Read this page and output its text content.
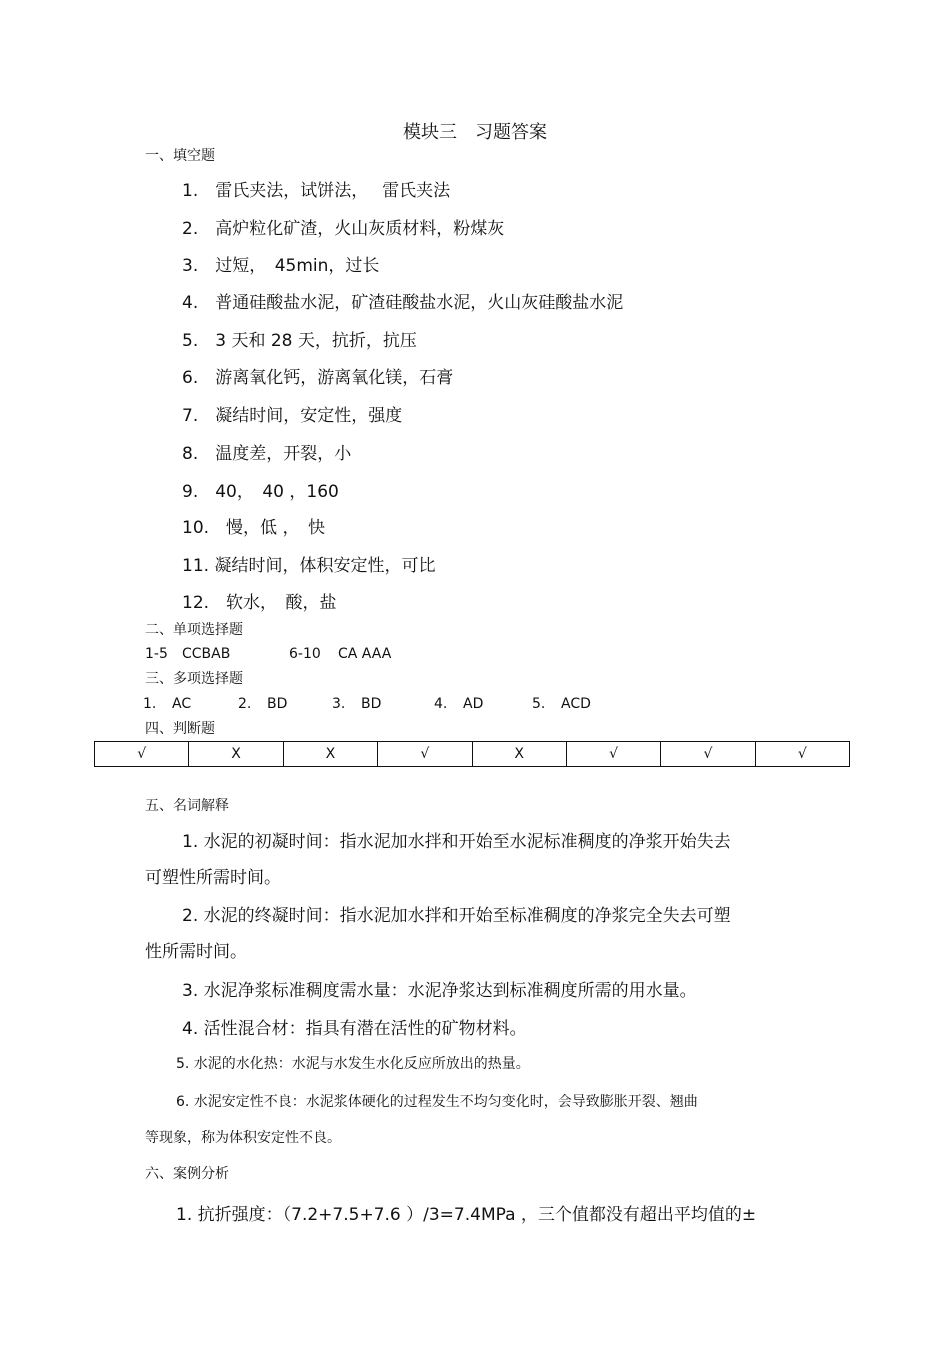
模块三　习题答案
一、填空题
1.　雷氏夹法，试饼法，　 雷氏夹法
2.　高炉粒化矿渣，火山灰质材料，粉煤灰
3.　过短，　45min，过长
4.　普通硅酸盐水泥，矿渣硅酸盐水泥，火山灰硅酸盐水泥
5.　3 天和 28 天，抗折，抗压
6.　游离氧化钙，游离氧化镁，石膏
7.　凝结时间，安定性，强度
8.　温度差，开裂，小
9.　40，　40 ，160
10.　慢，低 ，　快
11. 凝结时间，体积安定性，可比
12.　软水，　酸，盐
二、单项选择题
1-5 CCBAB	6-10 CA AAA
三、多项选择题
1. AC	2. BD	3. BD	4. AD	5. ACD
四、判断题
√	X	X	√	X	√	√	√
五、名词解释
1. 水泥的初凝时间：指水泥加水拌和开始至水泥标准稠度的净浆开始失去
可塑性所需时间。
2. 水泥的终凝时间：指水泥加水拌和开始至标准稠度的净浆完全失去可塑
性所需时间。
3. 水泥净浆标准稠度需水量：水泥净浆达到标准稠度所需的用水量。
4. 活性混合材：指具有潜在活性的矿物材料。
5. 水泥的水化热：水泥与水发生水化反应所放出的热量。
6. 水泥安定性不良：水泥浆体硬化的过程发生不均匀变化时，会导致膨胀开裂、翘曲
等现象，称为体积安定性不良。
六、案例分析
1. 抗折强度：（7.2+7.5+7.6 ）/3=7.4MPa ，三个值都没有超出平均值的±
